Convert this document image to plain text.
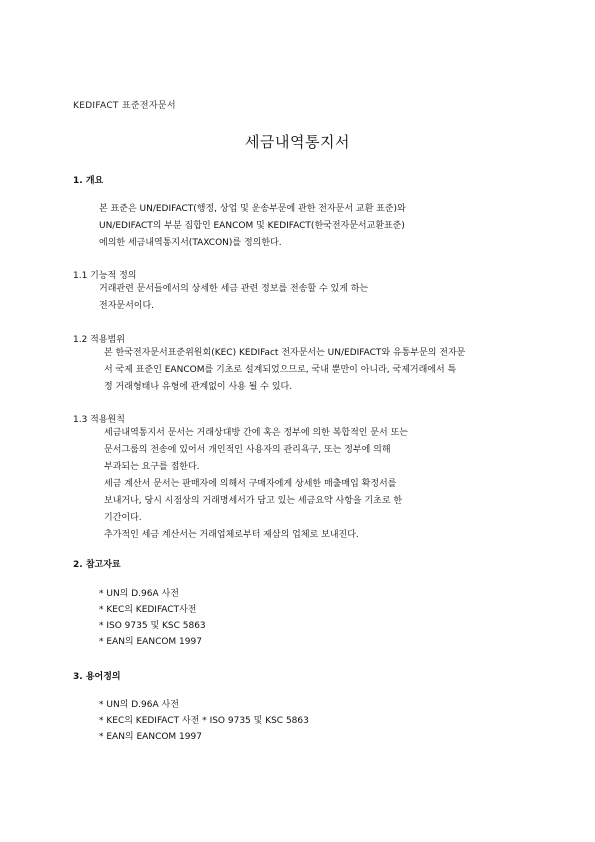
KEDIFACT 표준전자문서
세금내역통지서
1. 개요
본 표준은 UN/EDIFACT(행정, 상업 및 운송부문에 관한 전자문서 교환 표준)와
UN/EDIFACT의 부분 집합인 EANCOM 및 KEDIFACT(한국전자문서교환표준)
에의한 세금내역통지서(TAXCON)를 정의한다.
1.1 기능적 정의
거래관련 문서들에서의 상세한 세금 관련 정보를 전송할 수 있게 하는
전자문서이다.
1.2 적용범위
본 한국전자문서표준위원회(KEC) KEDIFact 전자문서는 UN/EDIFACT와 유통부문의 전자문
서 국제 표준인 EANCOM를 기초로 설계되었으므로, 국내 뿐만이 아니라, 국제거래에서 특
정 거래형태나 유형에 관계없이 사용 될 수 있다.
1.3 적용원칙
세금내역통지서 문서는 거래상대방 간에 혹은 정부에 의한 복합적인 문서 또는
문서그룹의 전송에 있어서 개인적인 사용자의 관리욕구, 또는 정부에 의해
부과되는 요구를 접한다.
세금 계산서 문서는 판매자에 의해서 구매자에게 상세한 매출매입 확정서를
보내거나, 당시 시점상의 거래명세서가 담고 있는 세금요약 사항을 기초로 한
기간이다.
추가적인 세금 계산서는 거래업체로부터 제삼의 업체로 보내진다.
2. 참고자료
* UN의 D.96A 사전
* KEC의 KEDIFACT사전
* ISO 9735 및 KSC 5863
* EAN의 EANCOM 1997
3. 용어정의
* UN의 D.96A 사전
* KEC의 KEDIFACT 사전 * ISO 9735 및 KSC 5863
* EAN의 EANCOM 1997
